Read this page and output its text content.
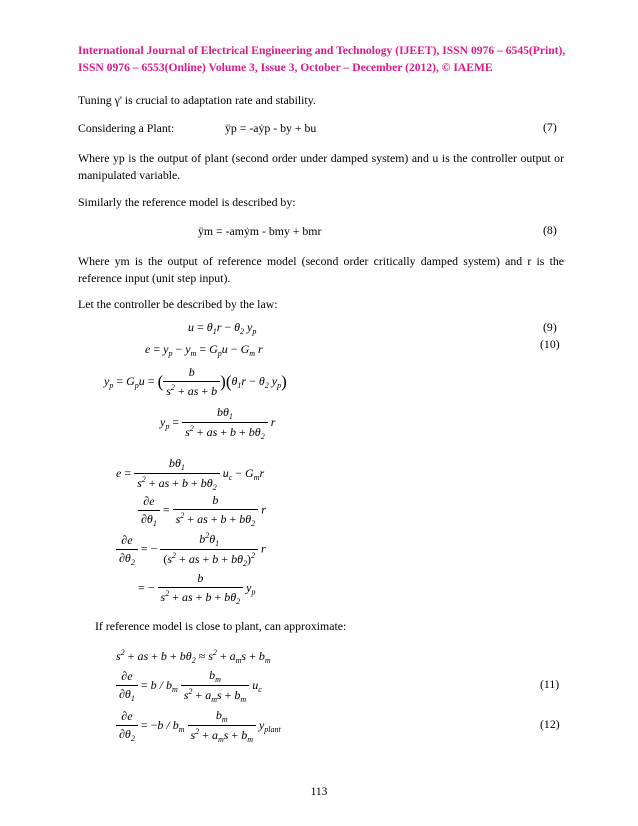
International Journal of Electrical Engineering and Technology (IJEET), ISSN 0976 – 6545(Print),
ISSN 0976 – 6553(Online) Volume 3, Issue 3, October – December (2012), © IAEME
Tuning γ' is crucial to adaptation rate and stability.
Considering a Plant:	ÿp = -aẏp - by + bu	(7)
Where yp is the output of plant (second order under damped system) and u is the controller output or manipulated variable.
Similarly the reference model is described by:
ÿm = -amẏm - bmy + bmr	(8)
Where ym is the output of reference model (second order critically damped system) and r is the reference input (unit step input).
Let the controller be described by the law:
$u = \theta_1r - \theta_2$ $y_p$	(9)
$e = y_p - y_m = G_pu - G_m$ r	(10)
$y_p = G_pu$ = ( $\frac{b}{s^2 + as + b} )(\theta_1r - \theta_2$ $y_p$)
$y_p = \frac{b\theta_1}{s^2 + as + b + b\theta_2}$ r
$e = \frac{b\theta_1}{s^2 + as + b + b\theta_2} u_c - G_mr$
$\frac{\partial e}{\partial\theta_1} = \frac{b}{s^2 + as + b + b\theta_2}$ r
$\frac{\partial e}{\partial\theta_2}$ = − $\frac{b^2\theta_1}{(s^2 + as + b + b\theta_2)^2}$ r
= − $\frac{b}{s^2 + as + b + b\theta_2} y_p$
If reference model is close to plant, can approximate:
$s^2$ + as + $b + b\theta_2 \approx s^2 + a_ms + b_m$
$\frac{\partial e}{\partial\theta_1} = b / b_m \frac{b_m}{s^2 + a_ms + b_m} u_c$	(11)
$\frac{\partial e}{\partial\theta_2} = -b / b_m \frac{b_m}{s^2 + a_ms + b_m} y_{plant}$	(12)
113
